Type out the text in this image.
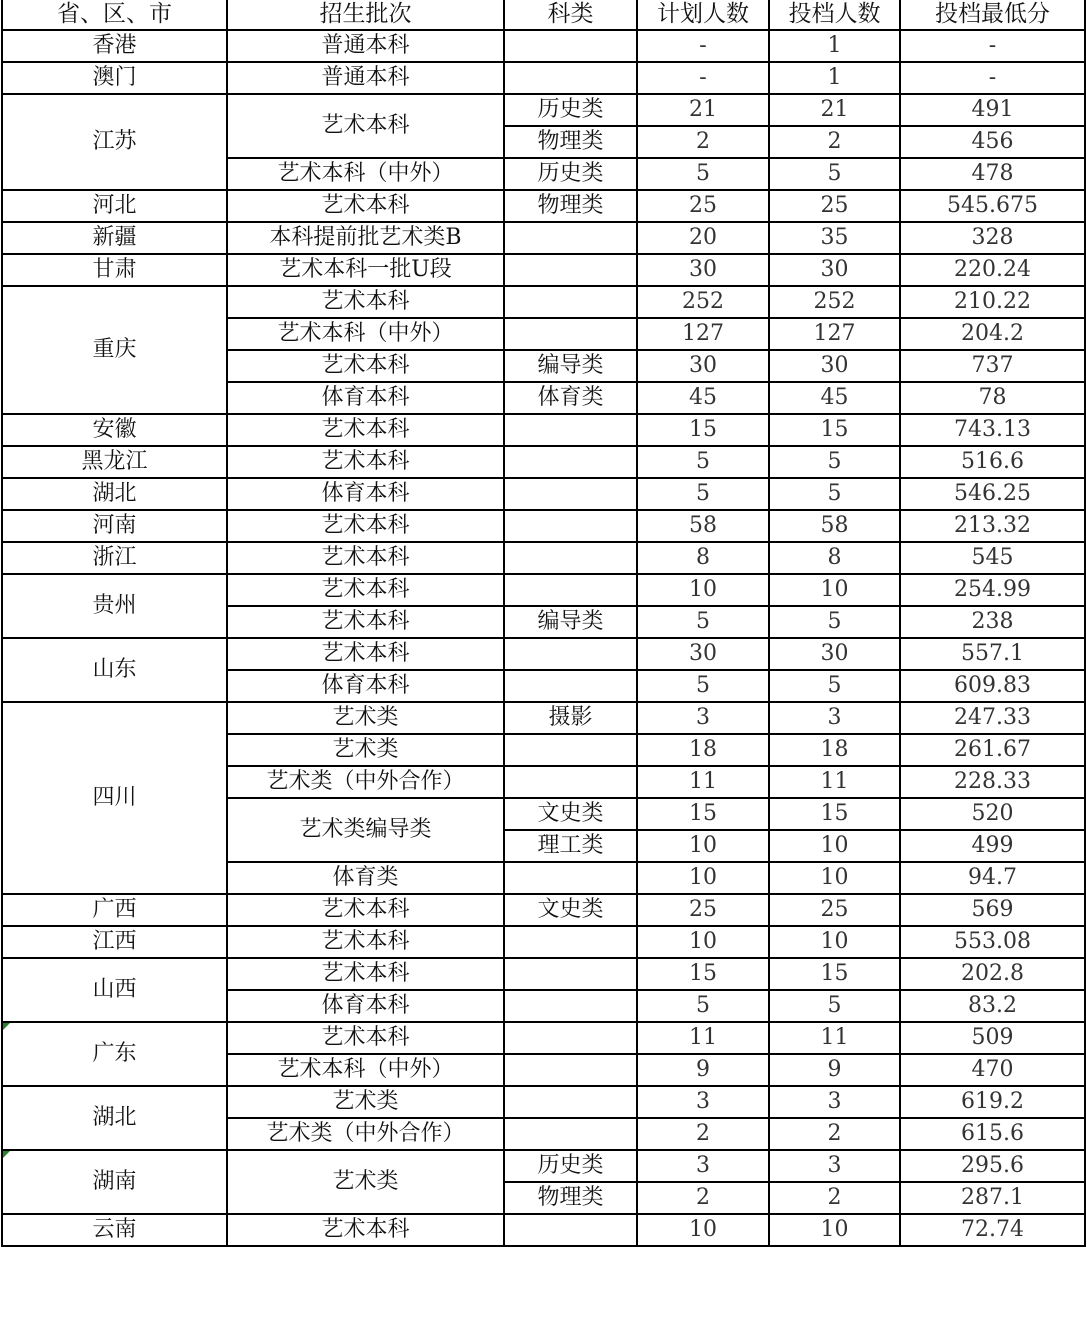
省、区、市	招生批次	科类	计划人数	投档人数	投档最低分
香港	普通本科		-	1	-
澳门	普通本科		-	1	-
江苏	艺术本科	历史类	21	21	491
		物理类	2	2	456
	艺术本科（中外）	历史类	5	5	478
河北	艺术本科	物理类	25	25	545.675
新疆	本科提前批艺术类B		20	35	328
甘肃	艺术本科一批U段		30	30	220.24
重庆	艺术本科		252	252	210.22
	艺术本科（中外）		127	127	204.2
	艺术本科	编导类	30	30	737
	体育本科	体育类	45	45	78
安徽	艺术本科		15	15	743.13
黑龙江	艺术本科		5	5	516.6
湖北	体育本科		5	5	546.25
河南	艺术本科		58	58	213.32
浙江	艺术本科		8	8	545
贵州	艺术本科		10	10	254.99
	艺术本科	编导类	5	5	238
山东	艺术本科		30	30	557.1
	体育本科		5	5	609.83
四川	艺术类	摄影	3	3	247.33
	艺术类		18	18	261.67
	艺术类（中外合作）		11	11	228.33
	艺术类编导类	文史类	15	15	520
		理工类	10	10	499
	体育类		10	10	94.7
广西	艺术本科	文史类	25	25	569
江西	艺术本科		10	10	553.08
山西	艺术本科		15	15	202.8
	体育本科		5	5	83.2
广东	艺术本科		11	11	509
	艺术本科（中外）		9	9	470
湖北	艺术类		3	3	619.2
	艺术类（中外合作）		2	2	615.6
湖南	艺术类	历史类	3	3	295.6
		物理类	2	2	287.1
云南	艺术本科		10	10	72.74
